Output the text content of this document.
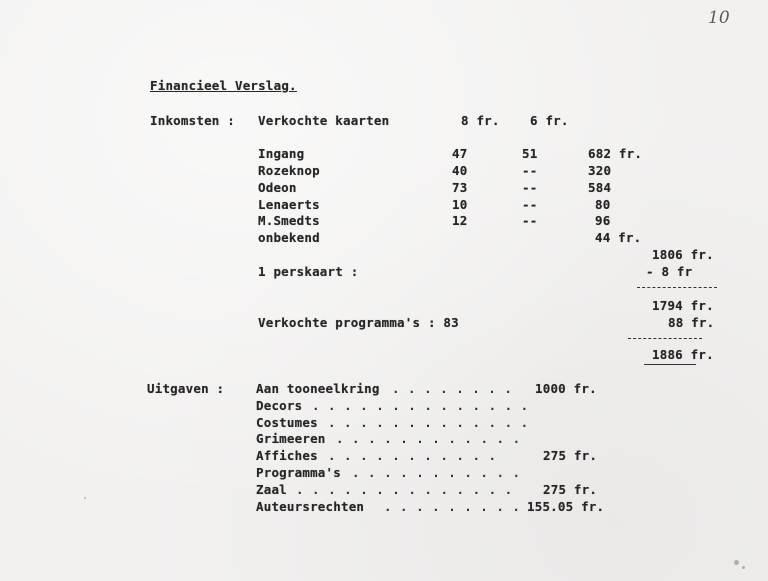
10
Financieel Verslag.
Inkomsten : Verkochte kaarten	8 fr. 6 fr.
Ingang	47	51	682 fr.
Rozeknop	40	--	320
Odeon	73	--	584
Lenaerts	10	--	80
M.Smedts	12	--	96
onbekend	44 fr.
1806 fr.
1 perskaart :	- 8 fr
1794 fr.
Verkochte programma's : 83	88 fr.
1886 fr.
Uitgaven :	Aan tooneelkring . . . . . . . . 1000 fr.
Decors . . . . . . . . . . . . . .
Costumes . . . . . . . . . . . . .
Grimeeren . . . . . . . . . . . .
Affiches . . . . . . . . . . .	275 fr.
Programma's . . . . . . . . . . .
Zaal . . . . . . . . . . . . . . 275 fr.
Auteursrechten . . . . . . . . . 155.05 fr.
